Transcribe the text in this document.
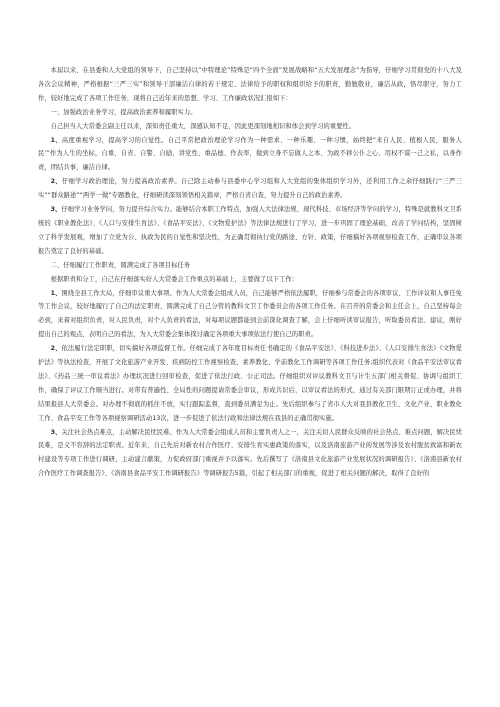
本届以来，在县委和人大党组的领导下，自己坚持以“中特理论”特殊是“四个全面”发展战略和“五大发展理念”为指导，仔细学习贯彻党的十八大及各次会议精神，严格根据“三严三实”和领导干部廉洁自律的若干规定、法律给予的职权和组织给予的职责，勤勉敬业，廉洁从政，恪尽职守，努力工作，较好地完成了各项工作任务，现将自己近年来的思想、学习、工作廉政状况汇报如下：

一、加强政治业务学习，提高政治素养和履职实力。

自己担当人大常委会副主任以来，深知责任重大，深感认知不足，因此更深刻地相识和体会到学习的重要性。

1、高度重视学习，提高学习的自觉性。自己平常把政治理论学习作为一种需求、一种乐趣、一种习惯，始终把“来自人民、植根人民，服务人民’”作为人生的坐标，自重、自省、自警、自励，讲党性、重品德、作表率，做到立身不忘做人之本、为政不移公仆之心、用权不谋一己之私，以身作责，团结共事，廉洁自律。

2、仔细学习政治理论，努力提高政治素养。自己除主动参与县委中心学习组和人大党组的集体组织学习外，还利用工作之余仔细践行“三严三实”“群众路途”“两学一做”专题教化，仔细研读深刻领悟相关篇章，严格自省自查，努力提升自己的政治素养。

3、仔细学习业务学问，努力提升综合实力。能够结合本职工作特点，加强人大法律法规、现代科技、市场经济等学问的学习，特殊是就教科文卫系统的《职业教化法》、《人口与安排生育法》、《食品平安法》、《文物爱护法》等法律法规进行了学习，进一步巩固了理论基础，改善了学问结构，坚固树立了科学发展观，增加了立党为公、执政为民的自觉性和坚决性，为正确贯彻执行党的路途、方针、政策，仔细搞好各项视察检查工作，正确审议各项报告奠定了良好的基础。

二、仔细履行工作职责，圆满完成了各项目标任务

根据职责和分工，自己在仔细落实好人大常委会工作重点的基础上，主要做了以下工作：

1、围绕全县工作大局，仔细审议重大事项。作为人大常委会组成人员，自己能够严格依法履职，仔细参与常委会的各项审议、工作评议和人事任免等工作会议，较好地履行了自己的法定职责，圆满完成了自己分管的教科文卫工作委员会的各项工作任务。在召开的常委会和主任会上，自己坚持每会必到，来着对组织负责，对人民负责，对个人负责的看法，对每项议题都能到会前深化调查了解，会上仔细听读审议报告，听取委员看法、建议，刚好提出自己的观点，表明自己的看法，为人大常委会集体探讨确定各项重大事项依法行使自己的职责。

2、依法履行法定职职，切实搞好各项监督工作。仔细完成了各年度目标责任书确定的《食品平安法》、《科技进步法》、《人口安排生育法》《文物爱护法》等执法检查，开展了文化旅游产业开发、疾病防控工作视察检查，素养教化、学前教化工作调研等各项工作任务;组织代表对《食品平安法审议看法》、《药品三统一审议看法》办理状况进行回审检查，促进了依法行政、公正司法。仔细组织对评议教科文卫与计生五部门相关督促、协调与组织工作，确保了评议工作顺当进行。对带有普遍性、全局性的问题提请常委会审议，形成共识后，以审议看法的形式，通过有关部门限期订正或办理，并将结果报县人大常委会。对办理不彻底的抓住不放，实行跟踪监督，直到委员满足为止。先后组织参与了省市人大对我县教化卫生、文化产业、职业教化工作、食品平安工作等各项视察调研活动13次，进一步促进了依法行政和法律法规在我县的正确贯彻实施。

3、关注社会热点难点，主动解决民忧民难。作为人大常委会组成人员和主要负责人之一，关注关切人民群众反映的社会热点、难点问题，解决民忧民难，是义不容辞的法定职责。近年来，自己先后对新农村合作医疗、安排生育实惠政策的落实，以及洛南旅游产业的发展等涉及农村脱贫致富和新农村建设等专项工作进行调研，主动建言献策，力促政府部门重视并予以落实。先后撰写了《洛南县文化旅游产业发展状况的调研报告》、《洛南县新农村合作医疗工作调查报告》、《洛南县食品平安工作调研报告》等调研报告5篇，引起了相关部门的重视，促进了相关问题的解决，取得了良好的
